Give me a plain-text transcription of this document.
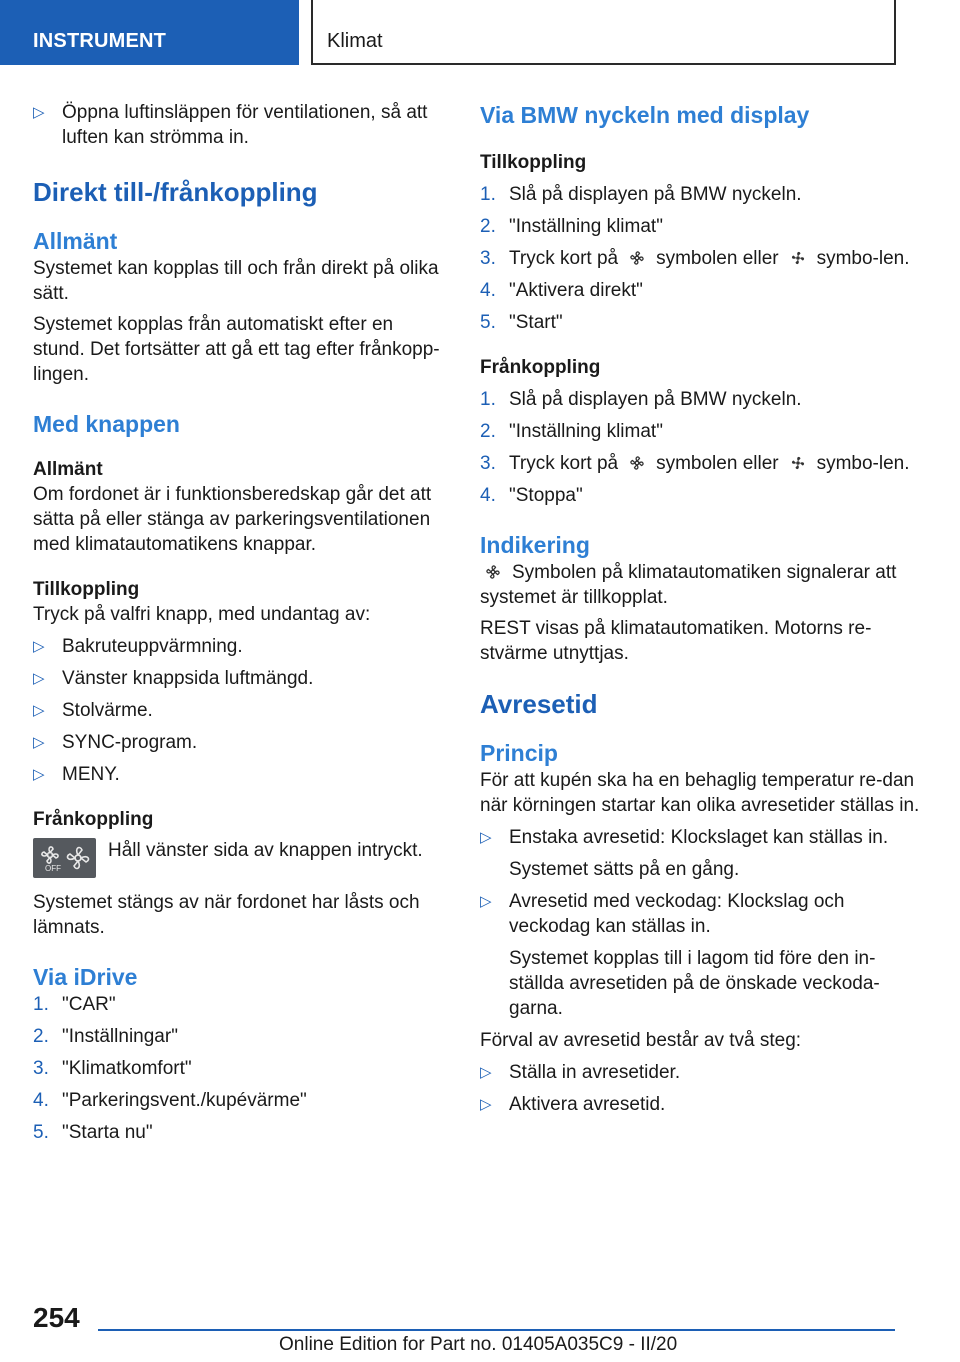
INSTRUMENT	Klimat
▷ Öppna luftinsläppen för ventilationen, så att luften kan strömma in.
Direkt till-/frånkoppling
Allmänt

Systemet kan kopplas till och från direkt på olika sätt.

Systemet kopplas från automatiskt efter en stund. Det fortsätter att gå ett tag efter frånkopp-lingen.

Med knappen
Allmänt

Om fordonet är i funktionsberedskap går det att sätta på eller stänga av parkeringsventilationen med klimatautomatikens knappar.

Tillkoppling

Tryck på valfri knapp, med undantag av:

▷ Bakruteuppvärmning.
▷ Vänster knappsida luftmängd.
▷ Stolvärme.
▷ SYNC-program.
▷ MENY.
Frånkoppling
OFF

Håll vänster sida av knappen intryckt.

Systemet stängs av när fordonet har låsts och lämnats.

Via iDrive
1. "CAR"
2. "Inställningar"
3. "Klimatkomfort"
4. "Parkeringsvent./kupévärme"
5. "Starta nu"
Via BMW nyckeln med display
Tillkoppling
1. Slå på displayen på BMW nyckeln.
2. "Inställning klimat"
3. Tryck kort på symbolen eller symbo-len.
4. "Aktivera direkt"
5. "Start"
Frånkoppling
1. Slå på displayen på BMW nyckeln.
2. "Inställning klimat"
3. Tryck kort på symbolen eller symbo-len.
4. "Stoppa"
Indikering

Symbolen på klimatautomatiken signalerar att systemet är tillkopplat.

REST visas på klimatautomatiken. Motorns re-stvärme utnyttjas.

Avresetid
Princip

För att kupén ska ha en behaglig temperatur re-dan när körningen startar kan olika avresetider ställas in.

▷ Enstaka avresetid: Klockslaget kan ställas in.

Systemet sätts på en gång.

▷ Avresetid med veckodag: Klockslag och veckodag kan ställas in.

Systemet kopplas till i lagom tid före den in-ställda avresetiden på de önskade veckoda-garna.

Förval av avresetid består av två steg:

▷ Ställa in avresetider.
▷ Aktivera avresetid.
254
Online Edition for Part no. 01405A035C9 - II/20
